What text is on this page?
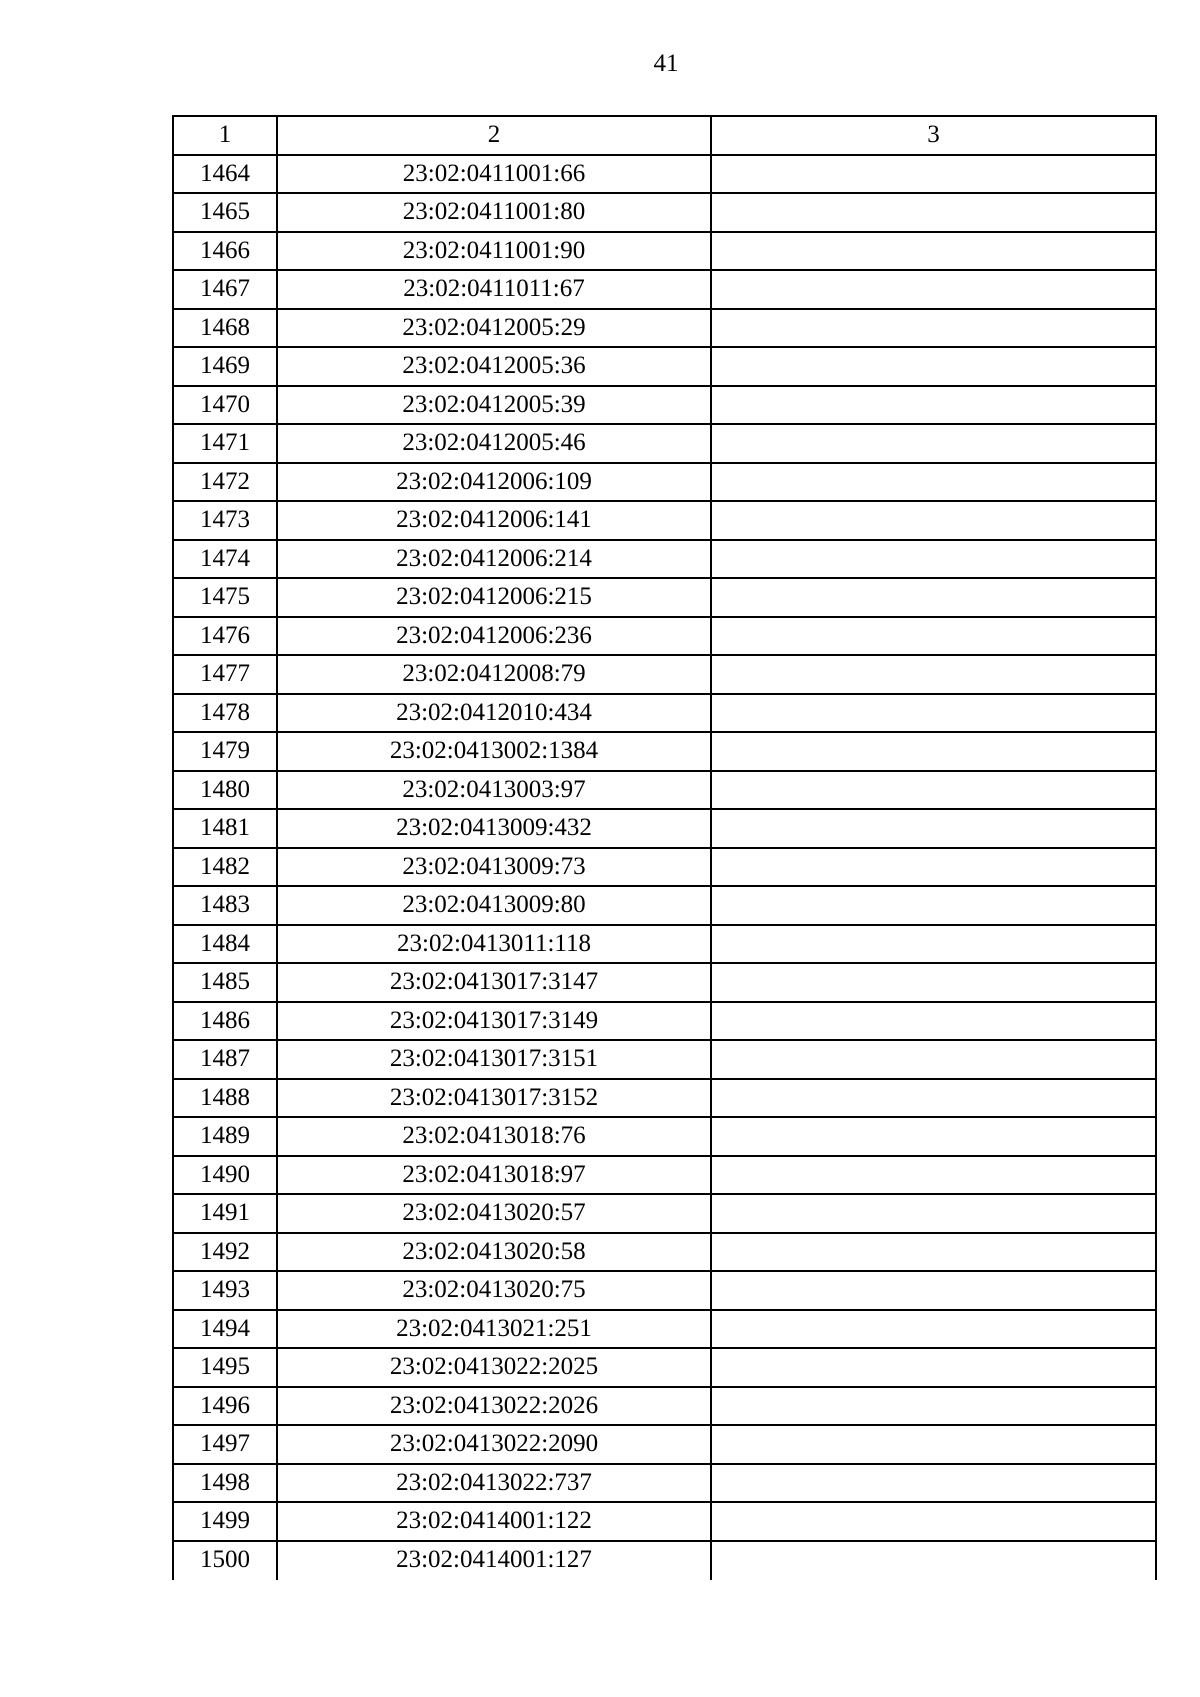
41
1	2	3
1464	23:02:0411001:66
1465	23:02:0411001:80
1466	23:02:0411001:90
1467	23:02:0411011:67
1468	23:02:0412005:29
1469	23:02:0412005:36
1470	23:02:0412005:39
1471	23:02:0412005:46
1472	23:02:0412006:109
1473	23:02:0412006:141
1474	23:02:0412006:214
1475	23:02:0412006:215
1476	23:02:0412006:236
1477	23:02:0412008:79
1478	23:02:0412010:434
1479	23:02:0413002:1384
1480	23:02:0413003:97
1481	23:02:0413009:432
1482	23:02:0413009:73
1483	23:02:0413009:80
1484	23:02:0413011:118
1485	23:02:0413017:3147
1486	23:02:0413017:3149
1487	23:02:0413017:3151
1488	23:02:0413017:3152
1489	23:02:0413018:76
1490	23:02:0413018:97
1491	23:02:0413020:57
1492	23:02:0413020:58
1493	23:02:0413020:75
1494	23:02:0413021:251
1495	23:02:0413022:2025
1496	23:02:0413022:2026
1497	23:02:0413022:2090
1498	23:02:0413022:737
1499	23:02:0414001:122
1500	23:02:0414001:127
